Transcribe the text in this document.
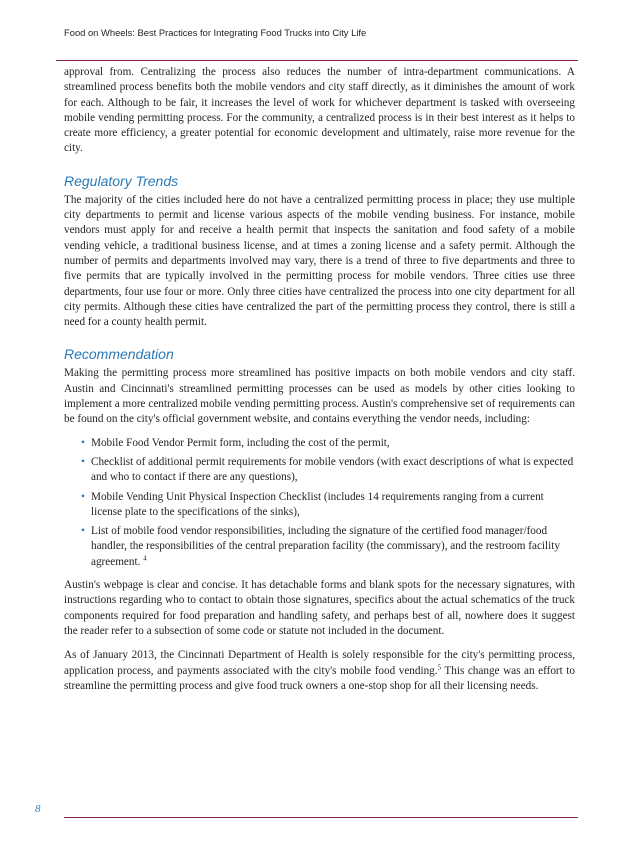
Food on Wheels: Best Practices for Integrating Food Trucks into City Life

approval from. Centralizing the process also reduces the number of intra-department communications. A streamlined process benefits both the mobile vendors and city staff directly, as it diminishes the amount of work for each. Although to be fair, it increases the level of work for whichever department is tasked with overseeing mobile vending permitting process. For the community, a centralized process is in their best interest as it helps to create more efficiency, a greater potential for economic development and ultimately, raise more revenue for the city.

Regulatory Trends

The majority of the cities included here do not have a centralized permitting process in place; they use multiple city departments to permit and license various aspects of the mobile vending business. For instance, mobile vendors must apply for and receive a health permit that inspects the sanitation and food safety of a mobile vending vehicle, a traditional business license, and at times a zoning license and a safety permit. Although the number of permits and departments involved may vary, there is a trend of three to five departments and three to five permits that are typically involved in the permitting process for mobile vendors. Three cities use three departments, four use four or more. Only three cities have centralized the process into one city department for all city permits. Although these cities have centralized the part of the permitting process they control, there is still a need for a county health permit.

Recommendation

Making the permitting process more streamlined has positive impacts on both mobile vendors and city staff. Austin and Cincinnati's streamlined permitting processes can be used as models by other cities looking to implement a more centralized mobile vending permitting process. Austin's comprehensive set of requirements can be found on the city's official government website, and contains everything the vendor needs, including:

• Mobile Food Vendor Permit form, including the cost of the permit,
• Checklist of additional permit requirements for mobile vendors (with exact descriptions of what is expected and who to contact if there are any questions),
• Mobile Vending Unit Physical Inspection Checklist (includes 14 requirements ranging from a current license plate to the specifications of the sinks),
• List of mobile food vendor responsibilities, including the signature of the certified food manager/food handler, the responsibilities of the central preparation facility (the commissary), and the restroom facility agreement. $^4$

Austin's webpage is clear and concise. It has detachable forms and blank spots for the necessary signatures, with instructions regarding who to contact to obtain those signatures, specifics about the actual schematics of the truck components required for food preparation and handling safety, and perhaps best of all, nowhere does it suggest the reader refer to a subsection of some code or statute not included in the document.

As of January 2013, the Cincinnati Department of Health is solely responsible for the city's permitting process, application process, and payments associated with the city's mobile food vending.$^5$ This change was an effort to streamline the permitting process and give food truck owners a one-stop shop for all their licensing needs.

8
